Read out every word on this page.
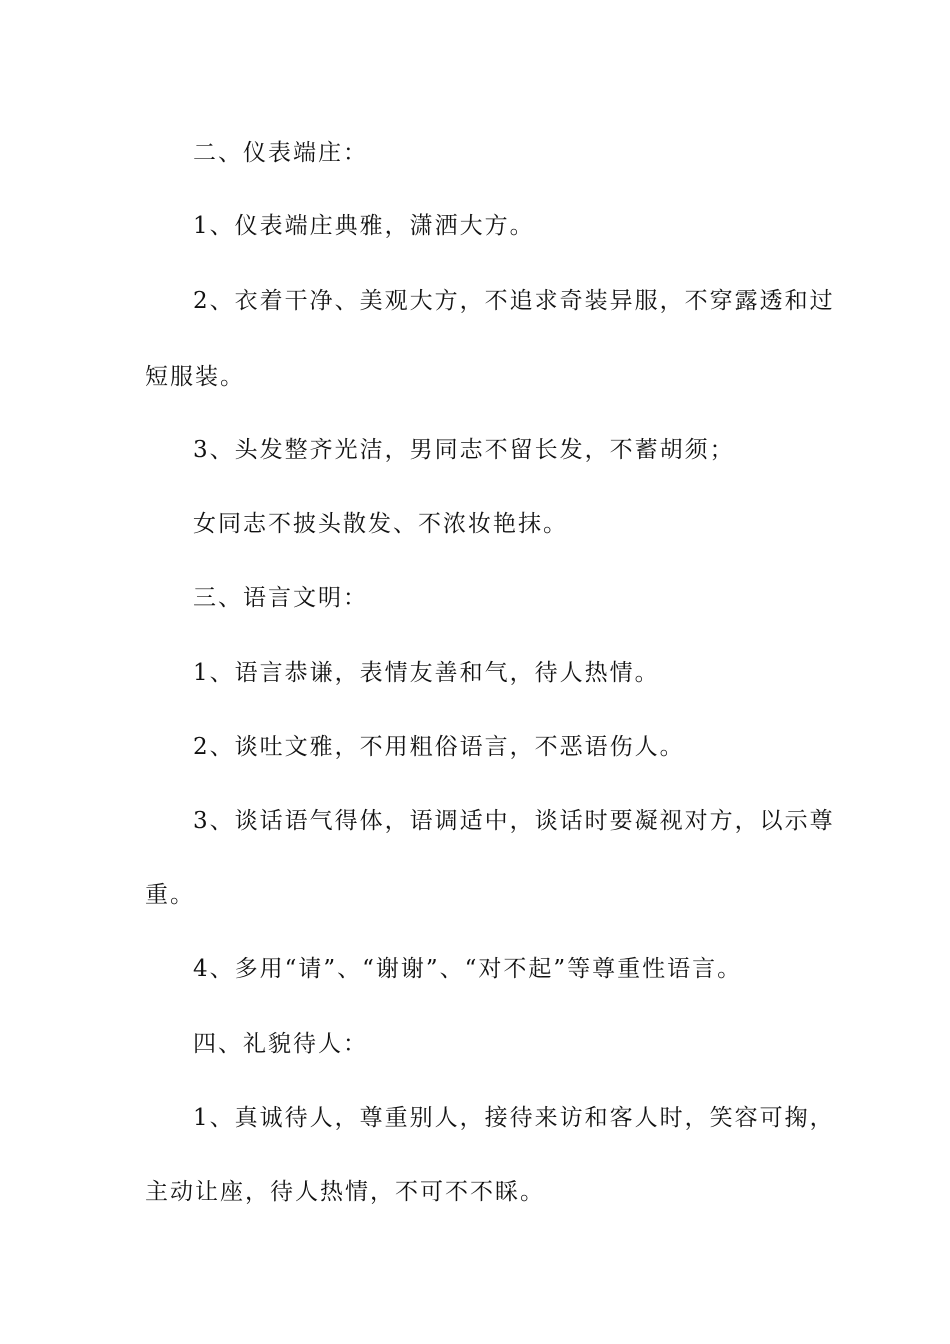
二、仪表端庄：
1、仪表端庄典雅，潇洒大方。
2、衣着干净、美观大方，不追求奇装异服，不穿露透和过
短服装。
3、头发整齐光洁，男同志不留长发，不蓄胡须；
女同志不披头散发、不浓妆艳抹。
三、语言文明：
1、语言恭谦，表情友善和气，待人热情。
2、谈吐文雅，不用粗俗语言，不恶语伤人。
3、谈话语气得体，语调适中，谈话时要凝视对方，以示尊
重。
4、多用“请”、“谢谢”、“对不起”等尊重性语言。
四、礼貌待人：
1、真诚待人，尊重别人，接待来访和客人时，笑容可掬，
主动让座，待人热情，不可不不睬。
